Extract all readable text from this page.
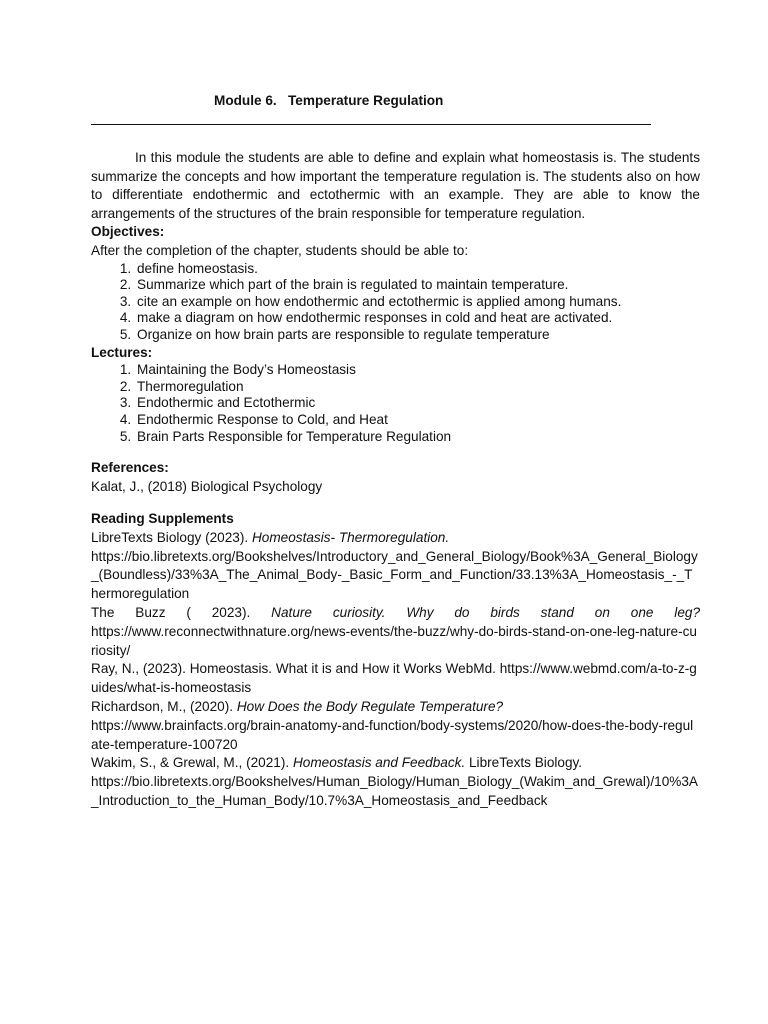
Module 6.   Temperature Regulation

In this module the students are able to define and explain what homeostasis is. The students summarize the concepts and how important the temperature regulation is. The students also on how to differentiate endothermic and ectothermic with an example. They are able to know the arrangements of the structures of the brain responsible for temperature regulation.

Objectives:

After the completion of the chapter, students should be able to:

1. define homeostasis.
2. Summarize which part of the brain is regulated to maintain temperature.
3. cite an example on how endothermic and ectothermic is applied among humans.
4. make a diagram on how endothermic responses in cold and heat are activated.
5. Organize on how brain parts are responsible to regulate temperature

Lectures:

1. Maintaining the Body’s Homeostasis
2. Thermoregulation
3. Endothermic and Ectothermic
4. Endothermic Response to Cold, and Heat
5. Brain Parts Responsible for Temperature Regulation

References:

Kalat, J., (2018) Biological Psychology

Reading Supplements

LibreTexts Biology (2023). Homeostasis- Thermoregulation.

https://bio.libretexts.org/Bookshelves/Introductory_and_General_Biology/Book%3A_General_Biology_(Boundless)/33%3A_The_Animal_Body-_Basic_Form_and_Function/33.13%3A_Homeostasis_-_Thermoregulation

The Buzz ( 2023). Nature curiosity. Why do birds stand on one leg?

https://www.reconnectwithnature.org/news-events/the-buzz/why-do-birds-stand-on-one-leg-nature-curiosity/

Ray, N., (2023). Homeostasis. What it is and How it Works WebMd. https://www.webmd.com/a-to-z-guides/what-is-homeostasis

Richardson, M., (2020). How Does the Body Regulate Temperature?

https://www.brainfacts.org/brain-anatomy-and-function/body-systems/2020/how-does-the-body-regulate-temperature-100720

Wakim, S., & Grewal, M., (2021). Homeostasis and Feedback. LibreTexts Biology.

https://bio.libretexts.org/Bookshelves/Human_Biology/Human_Biology_(Wakim_and_Grewal)/10%3A_Introduction_to_the_Human_Body/10.7%3A_Homeostasis_and_Feedback
